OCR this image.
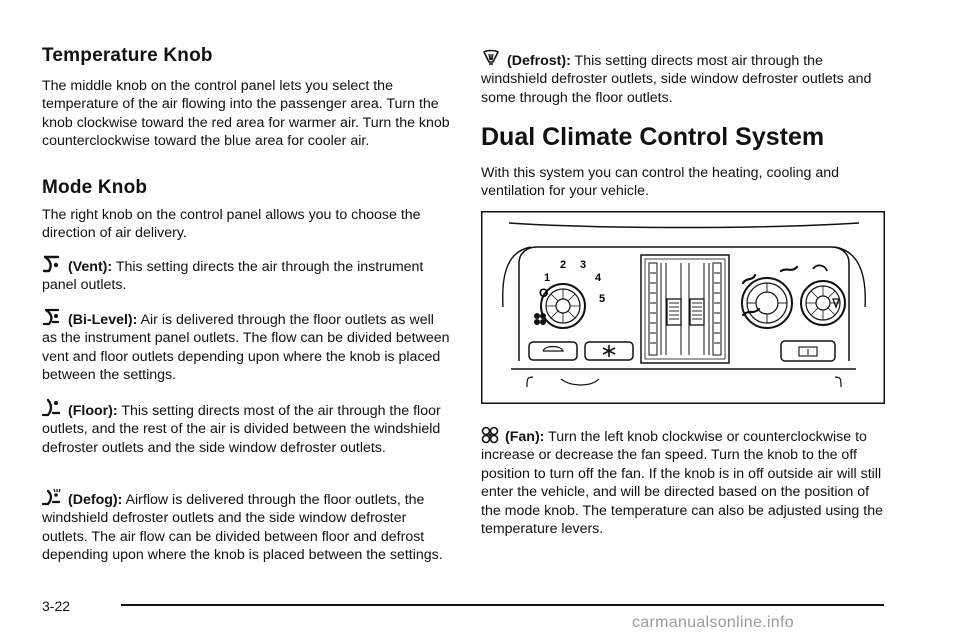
Temperature Knob

The middle knob on the control panel lets you select the temperature of the air flowing into the passenger area. Turn the knob clockwise toward the red area for warmer air. Turn the knob counterclockwise toward the blue area for cooler air.

Mode Knob

The right knob on the control panel allows you to choose the direction of air delivery.

(Vent): This setting directs the air through the instrument panel outlets.

(Bi-Level): Air is delivered through the floor outlets as well as the instrument panel outlets. The flow can be divided between vent and floor outlets depending upon where the knob is placed between the settings.

(Floor): This setting directs most of the air through the floor outlets, and the rest of the air is divided between the windshield defroster outlets and the side window defroster outlets.

(Defog): Airflow is delivered through the floor outlets, the windshield defroster outlets and the side window defroster outlets. The air flow can be divided between floor and defrost depending upon where the knob is placed between the settings.

(Defrost): This setting directs most air through the windshield defroster outlets, side window defroster outlets and some through the floor outlets.

Dual Climate Control System

With this system you can control the heating, cooling and ventilation for your vehicle.

(Fan): Turn the left knob clockwise or counterclockwise to increase or decrease the fan speed. Turn the knob to the off position to turn off the fan. If the knob is in off outside air will still enter the vehicle, and will be directed based on the position of the mode knob. The temperature can also be adjusted using the temperature levers.

O
1
2 3
4
5
3-22
carmanualsonline.info
